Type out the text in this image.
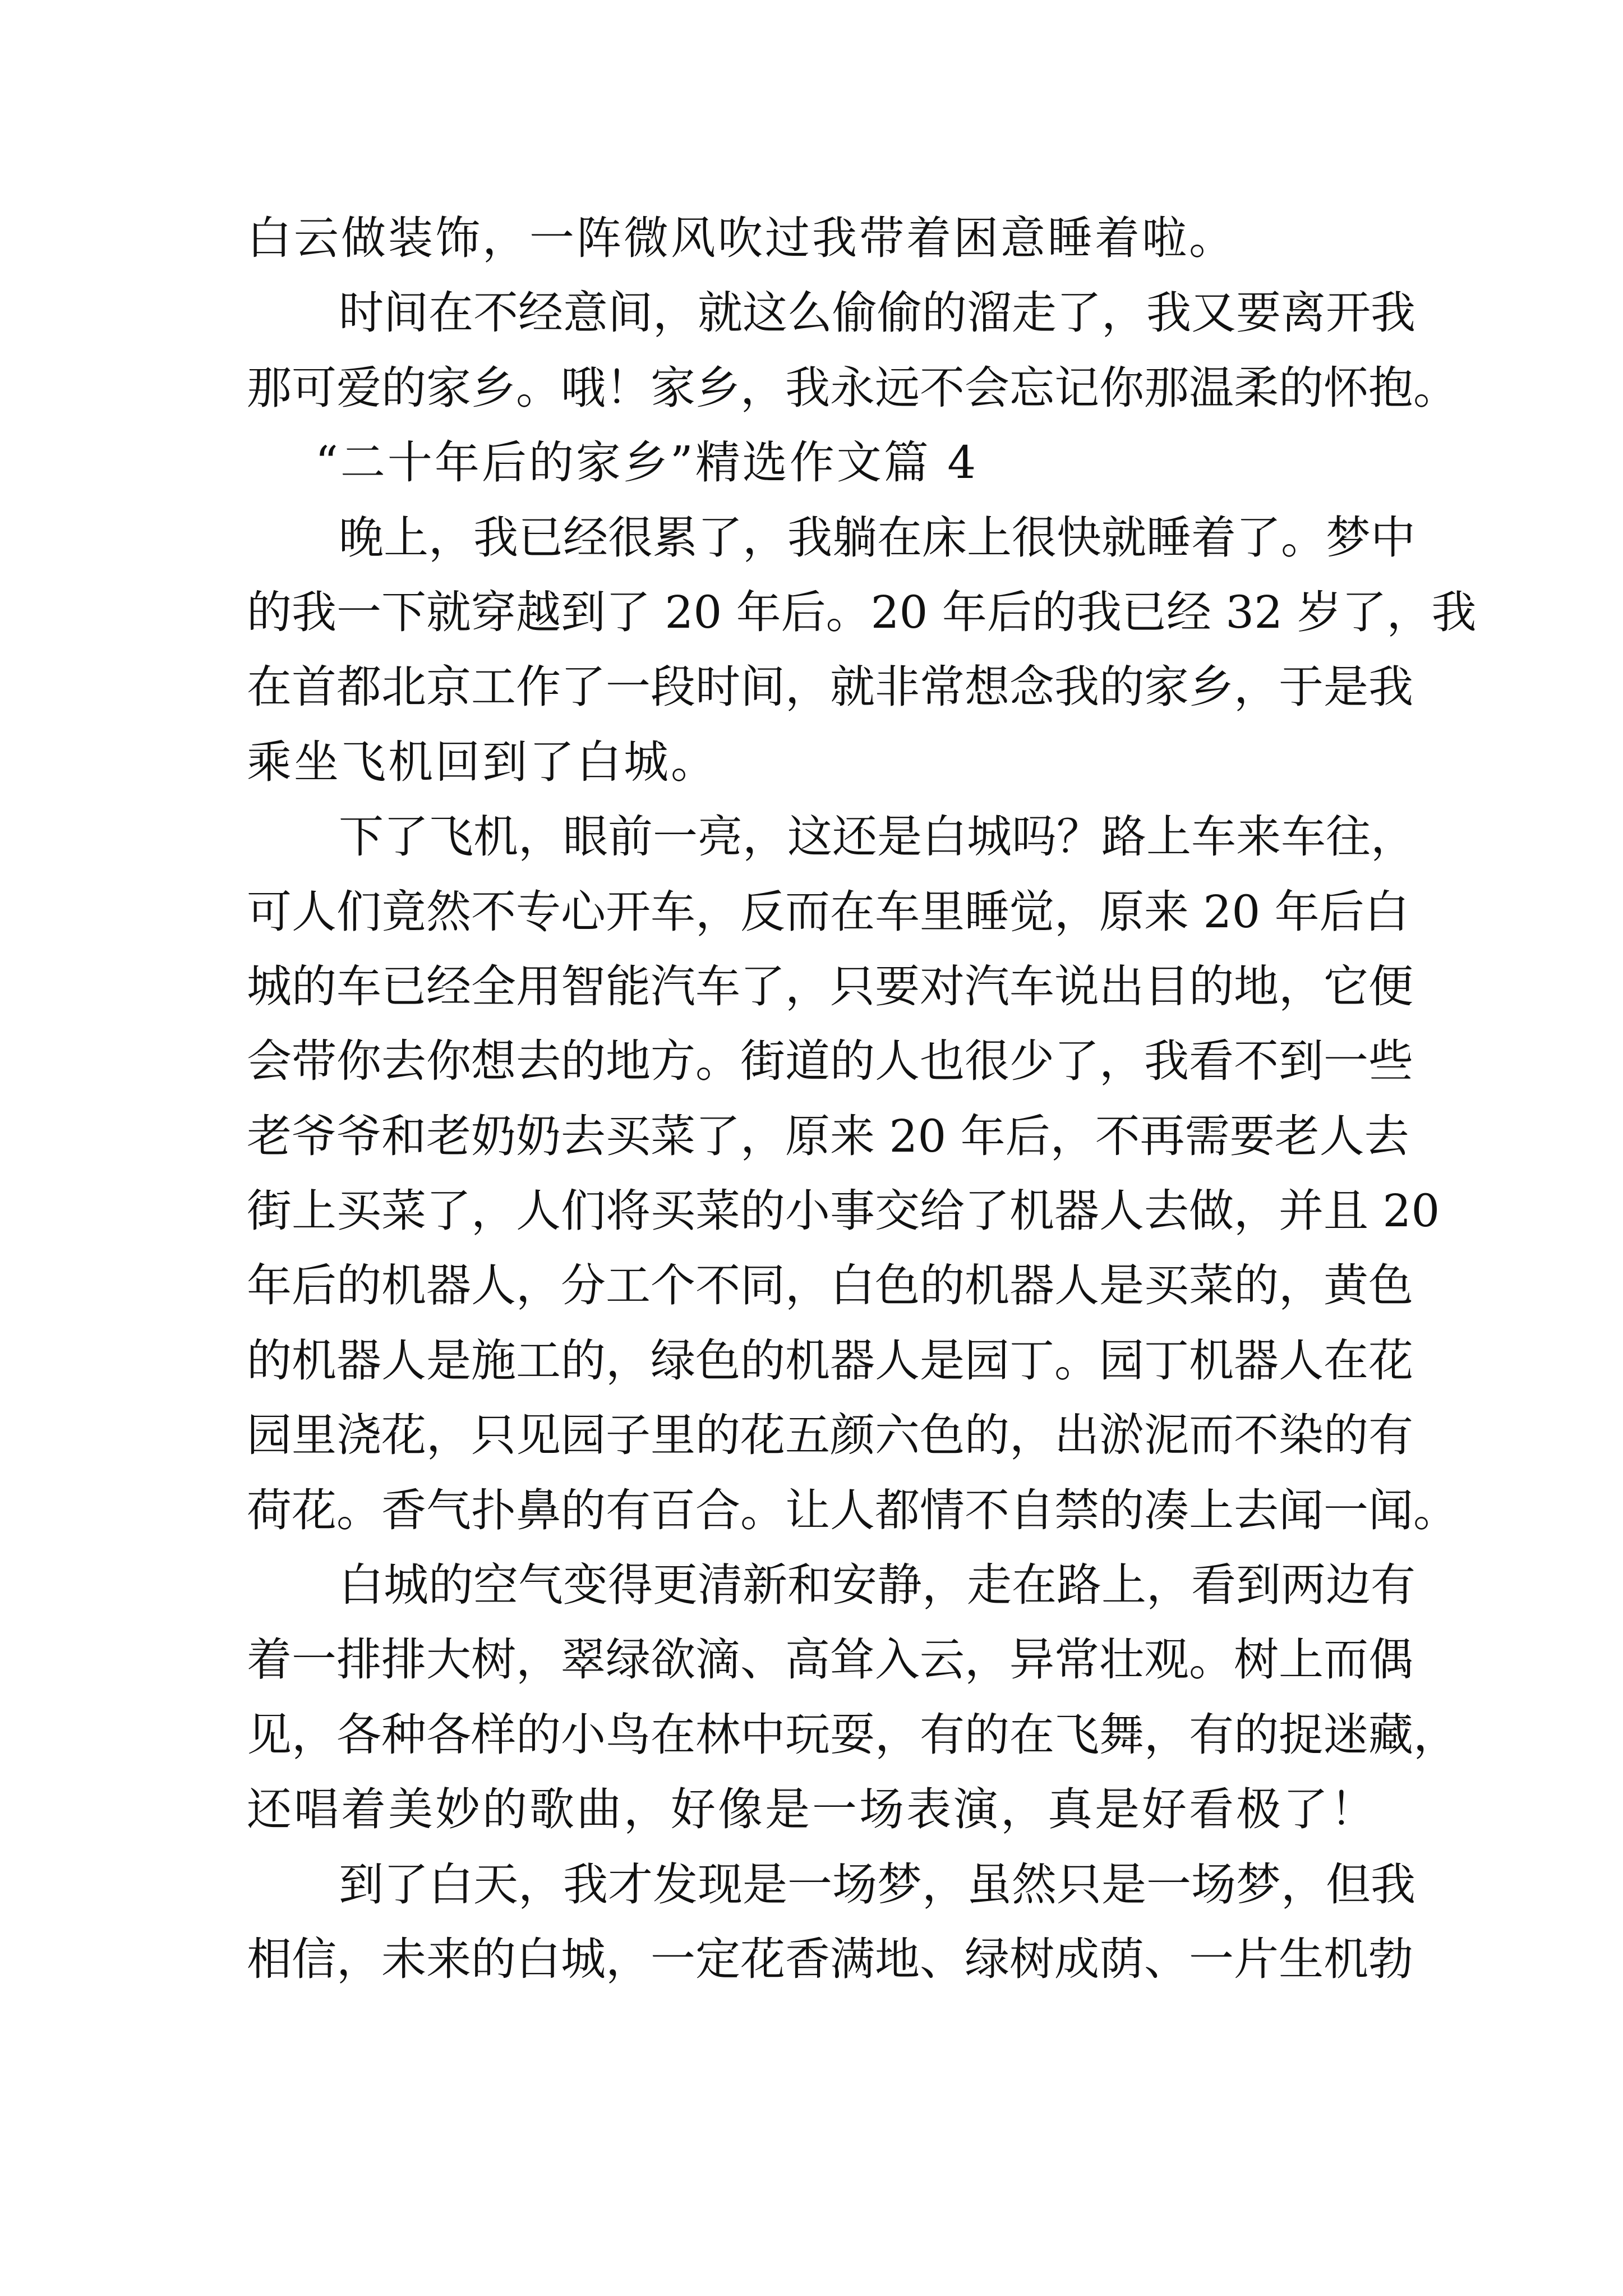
白云做装饰，一阵微风吹过我带着困意睡着啦。
时间在不经意间，就这么偷偷的溜走了，我又要离开我
那可爱的家乡。哦！家乡，我永远不会忘记你那温柔的怀抱。
“二十年后的家乡”精选作文篇 4
晚上，我已经很累了，我躺在床上很快就睡着了。梦中
的我一下就穿越到了 20 年后。20 年后的我已经 32 岁了，我
在首都北京工作了一段时间，就非常想念我的家乡，于是我
乘坐飞机回到了白城。
下了飞机，眼前一亮，这还是白城吗？路上车来车往，
可人们竟然不专心开车，反而在车里睡觉，原来 20 年后白
城的车已经全用智能汽车了，只要对汽车说出目的地，它便
会带你去你想去的地方。街道的人也很少了，我看不到一些
老爷爷和老奶奶去买菜了，原来 20 年后，不再需要老人去
街上买菜了，人们将买菜的小事交给了机器人去做，并且 20
年后的机器人，分工个不同，白色的机器人是买菜的，黄色
的机器人是施工的，绿色的机器人是园丁。园丁机器人在花
园里浇花，只见园子里的花五颜六色的，出淤泥而不染的有
荷花。香气扑鼻的有百合。让人都情不自禁的凑上去闻一闻。
白城的空气变得更清新和安静，走在路上，看到两边有
着一排排大树，翠绿欲滴、高耸入云，异常壮观。树上而偶
见，各种各样的小鸟在林中玩耍，有的在飞舞，有的捉迷藏，
还唱着美妙的歌曲，好像是一场表演，真是好看极了！
到了白天，我才发现是一场梦，虽然只是一场梦，但我
相信，未来的白城，一定花香满地、绿树成荫、一片生机勃
